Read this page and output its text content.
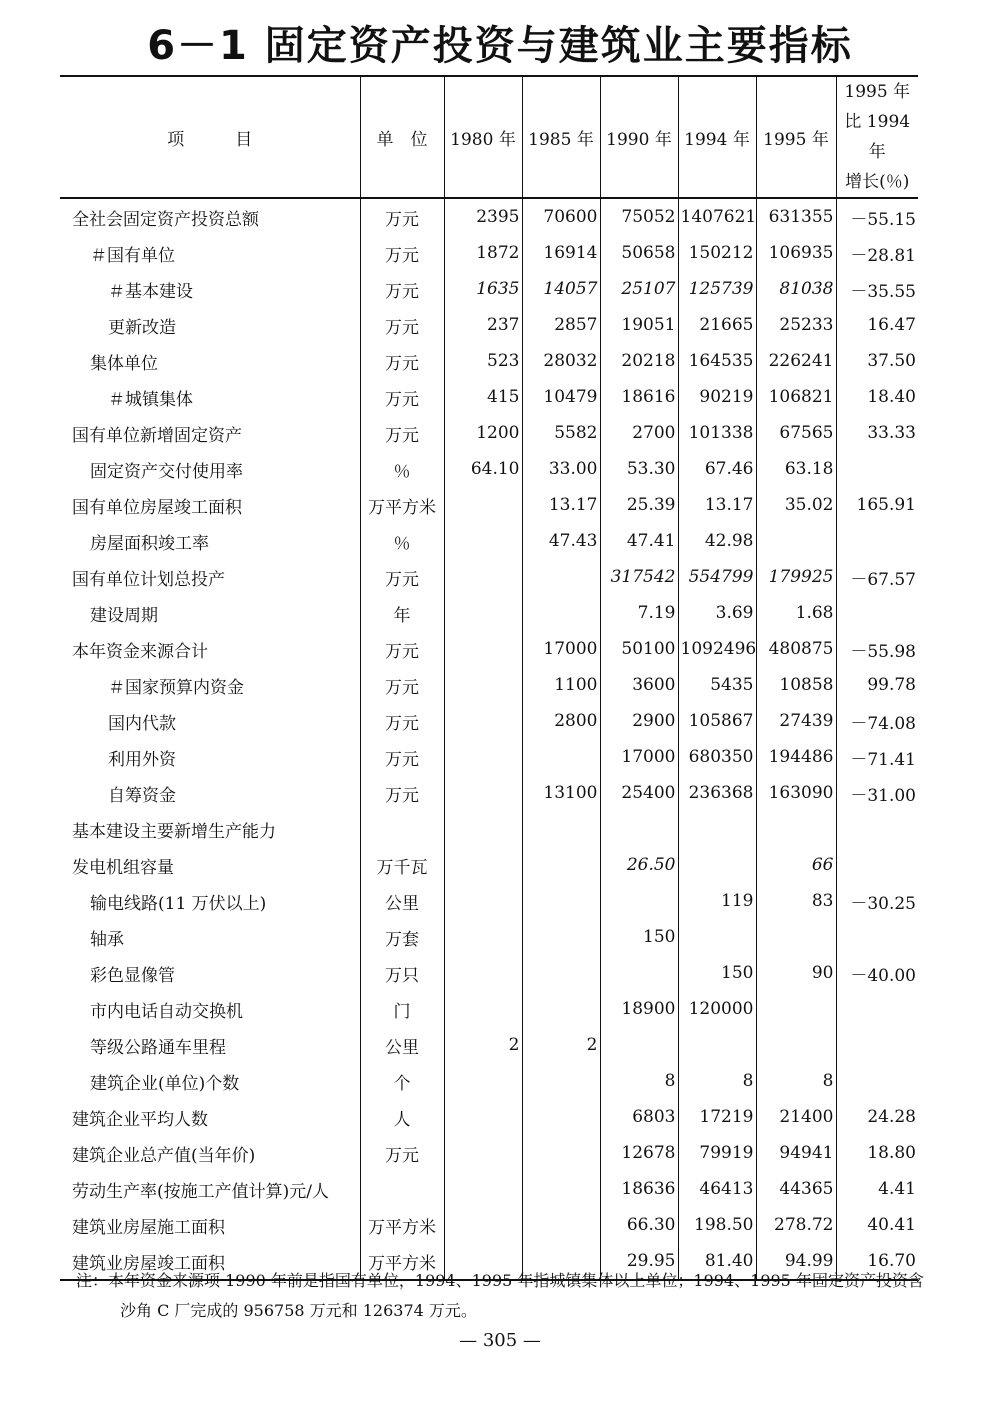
6－1 固定资产投资与建筑业主要指标
项　　　目	单　位	1980 年	1985 年	1990 年	1994 年	1995 年	1995 年
比 1994 年
增长(％)

全社会固定资产投资总额	万元	2395	70600	75052	1407621	631355	－55.15
＃国有单位	万元	1872	16914	50658	150212	106935	－28.81
＃基本建设	万元	1635	14057	25107	125739	81038	－35.55
更新改造	万元	237	2857	19051	21665	25233	16.47
集体单位	万元	523	28032	20218	164535	226241	37.50
＃城镇集体	万元	415	10479	18616	90219	106821	18.40
国有单位新增固定资产	万元	1200	5582	2700	101338	67565	33.33
固定资产交付使用率	％	64.10	33.00	53.30	67.46	63.18	
国有单位房屋竣工面积	万平方米		13.17	25.39	13.17	35.02	165.91
房屋面积竣工率	％		47.43	47.41	42.98		
国有单位计划总投产	万元			317542	554799	179925	－67.57
建设周期	年			7.19	3.69	1.68	
本年资金来源合计	万元		17000	50100	1092496	480875	－55.98
＃国家预算内资金	万元		1100	3600	5435	10858	99.78
国内代款	万元		2800	2900	105867	27439	－74.08
利用外资	万元			17000	680350	194486	－71.41
自筹资金	万元		13100	25400	236368	163090	－31.00
基本建设主要新增生产能力							
发电机组容量	万千瓦			26.50		66	
输电线路(11 万伏以上)	公里				119	83	－30.25
轴承	万套			150			
彩色显像管	万只				150	90	－40.00
市内电话自动交换机	门			18900	120000		
等级公路通车里程	公里	2	2				
建筑企业(单位)个数	个			8	8	8	
建筑企业平均人数	人			6803	17219	21400	24.28
建筑企业总产值(当年价)	万元			12678	79919	94941	18.80
劳动生产率(按施工产值计算)元/人				18636	46413	44365	4.41
建筑业房屋施工面积	万平方米			66.30	198.50	278.72	40.41
建筑业房屋竣工面积	万平方米			29.95	81.40	94.99	16.70
注：本年资金来源项 1990 年前是指国有单位，1994、1995 年指城镇集体以上单位；1994、1995 年固定资产投资含
沙角 C 厂完成的 956758 万元和 126374 万元。
— 305 —
